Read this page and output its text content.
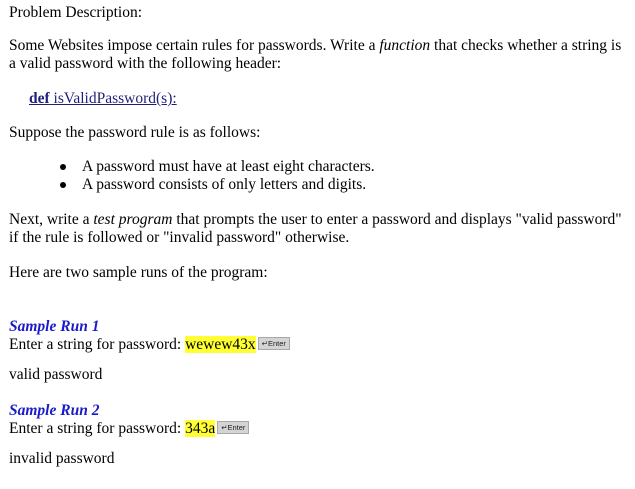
Problem Description:

Some Websites impose certain rules for passwords. Write a function that checks whether a string is a valid password with the following header:

def isValidPassword(s):

Suppose the password rule is as follows:

A password must have at least eight characters.
A password consists of only letters and digits.

Next, write a test program that prompts the user to enter a password and displays "valid password" if the rule is followed or "invalid password" otherwise.

Here are two sample runs of the program:

Sample Run 1
Enter a string for password: wewew43x ↵Enter
valid password
Sample Run 2
Enter a string for password: 343a ↵Enter
invalid password
